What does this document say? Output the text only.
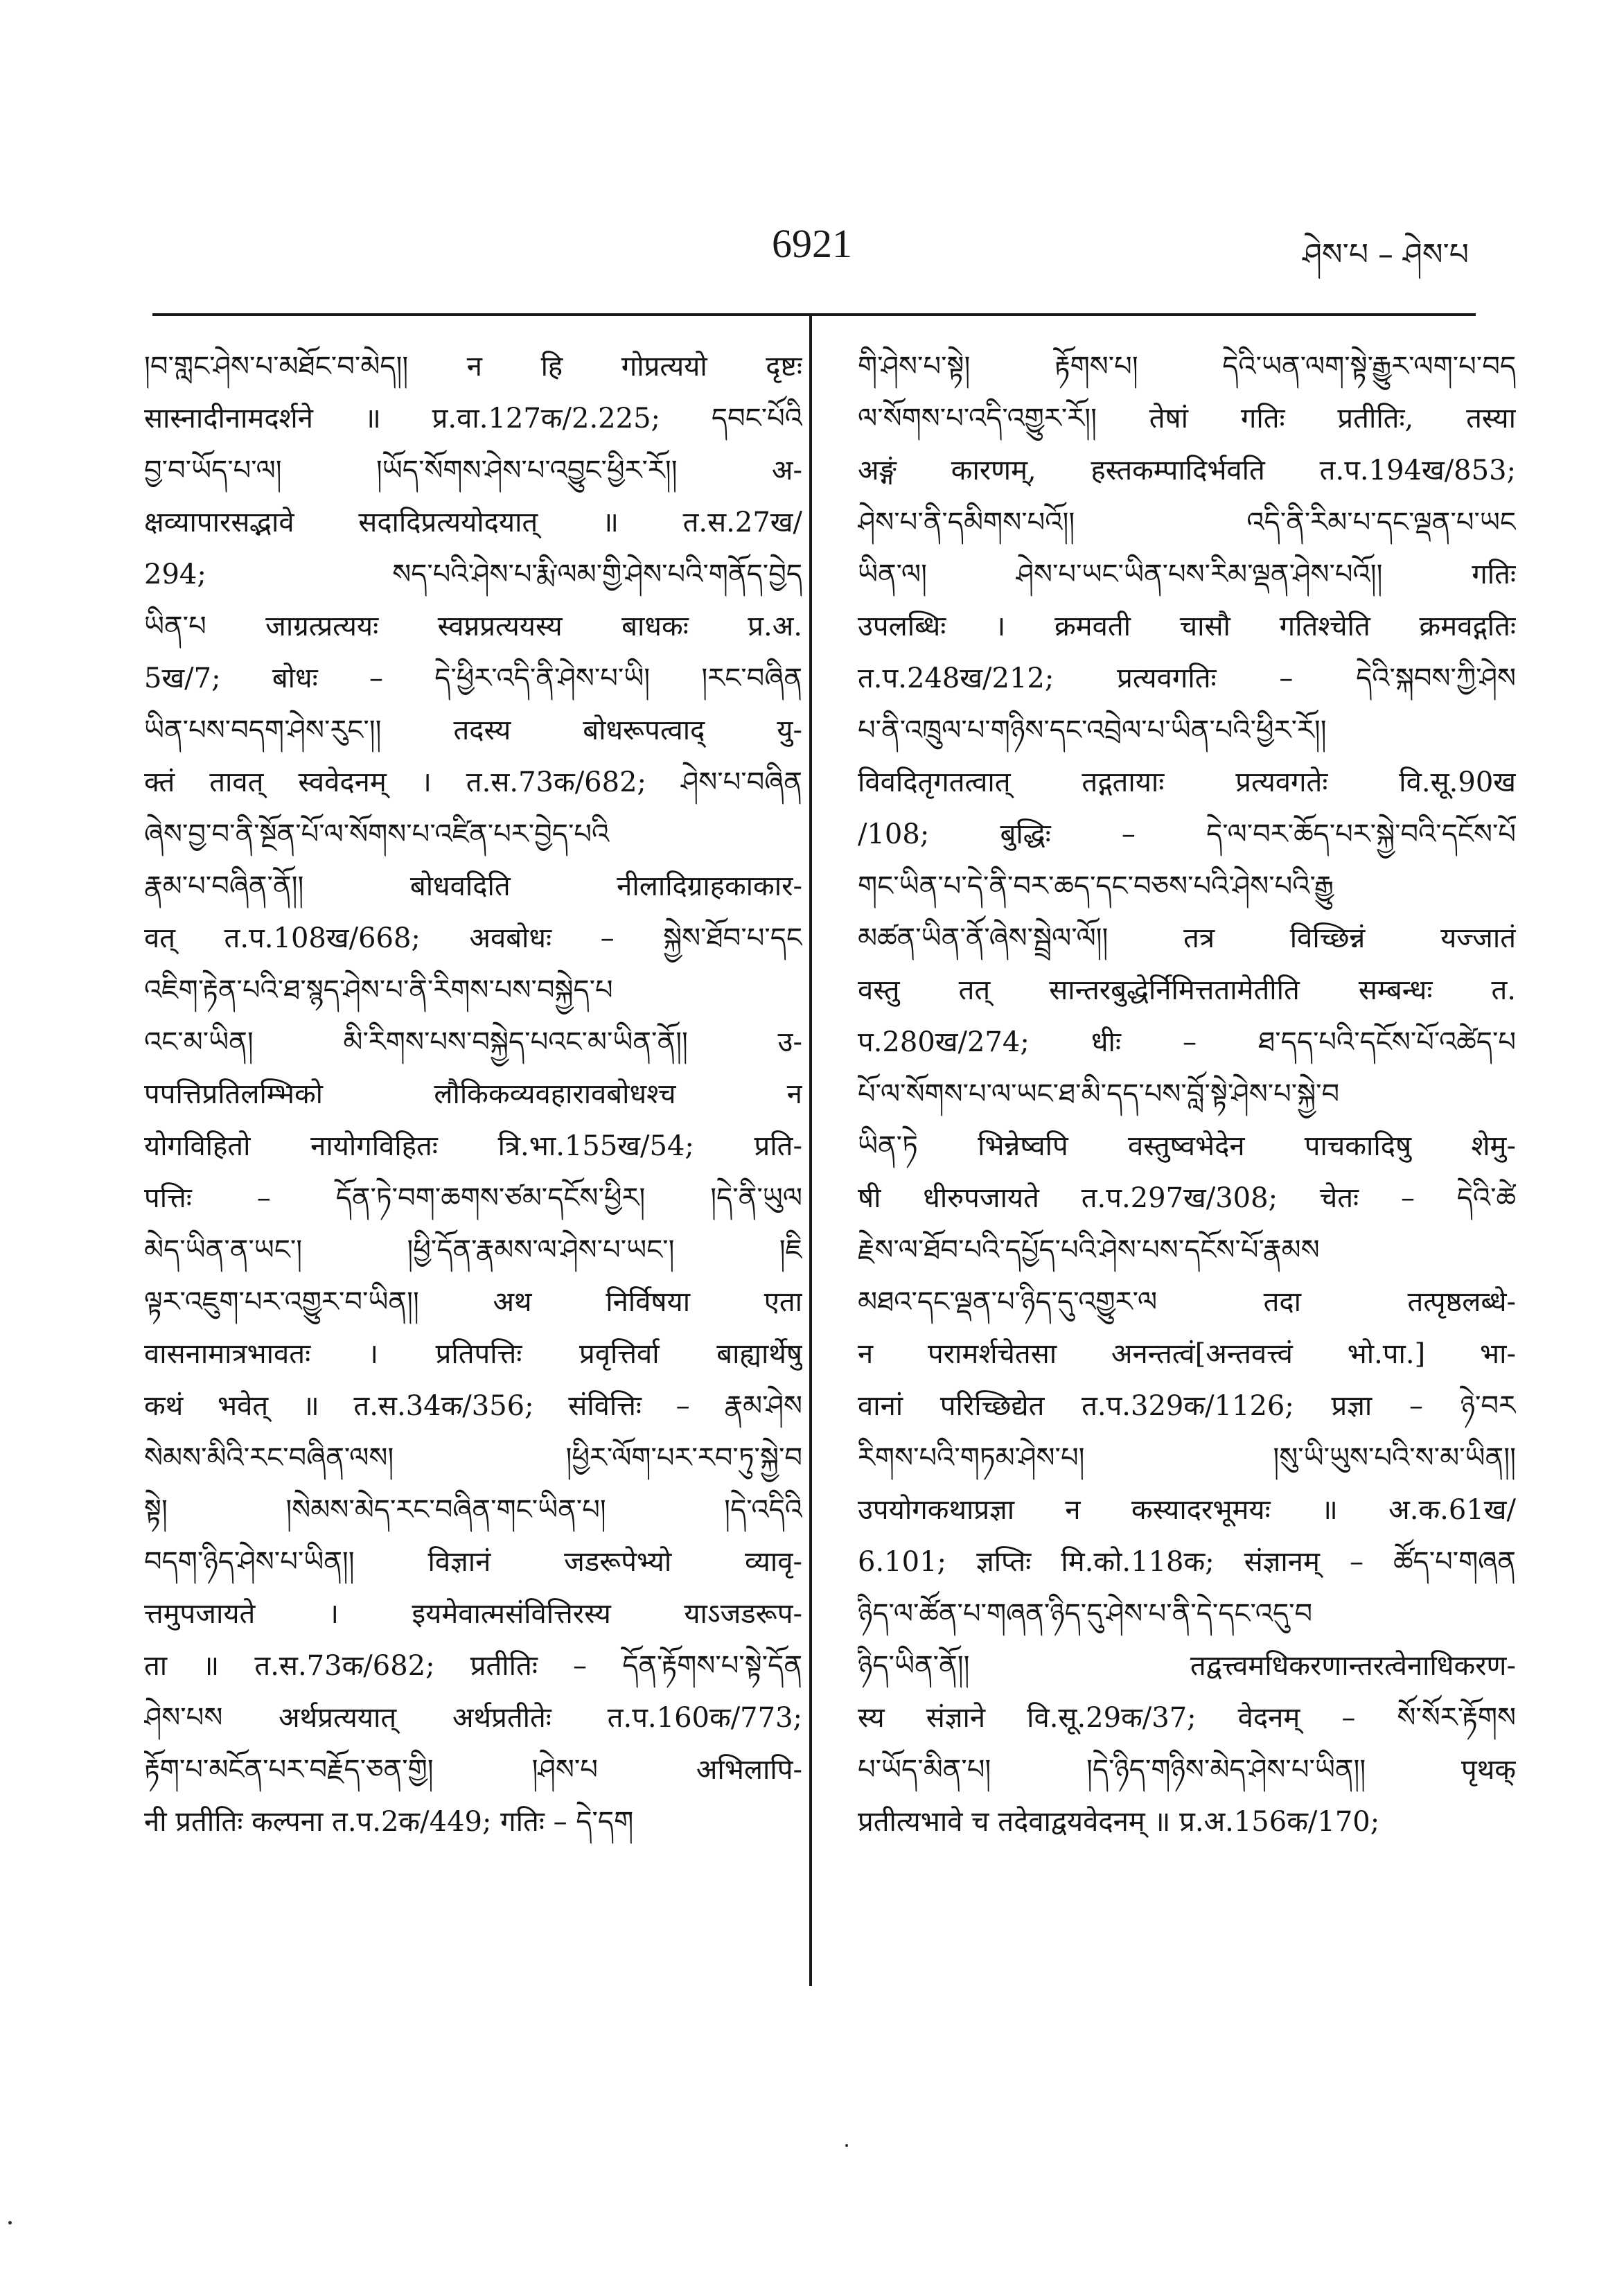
6921	ཤེས་པ – ཤེས་པ
།བ་གླང་ཤེས་པ་མཐོང་བ་མེད།། न हि गोप्रत्ययो दृष्टः
सास्नादीनामदर्शने ॥ प्र.वा.127क/2.225; དབང་པོའི
བྱ་བ་ཡོད་པ་ལ། །ཡོད་སོགས་ཤེས་པ་འབྱུང་ཕྱིར་རོ།། अ-
क्षव्यापारसद्भावे सदादिप्रत्ययोदयात् ॥ त.स.27ख/
294; སད་པའི་ཤེས་པ་རྨི་ལམ་གྱི་ཤེས་པའི་གནོད་བྱེད
ཡིན་པ जाग्रत्प्रत्ययः स्वप्नप्रत्ययस्य बाधकः प्र.अ.
5ख/7; बोधः – དེ་ཕྱིར་འདི་ནི་ཤེས་པ་ཡི། །རང་བཞིན
ཡིན་པས་བདག་ཤེས་རུང་།། तदस्य बोधरूपत्वाद् यु-
क्तं तावत् स्ववेदनम् । त.स.73क/682; ཤེས་པ་བཞིན
ཞེས་བྱ་བ་ནི་སྔོན་པོ་ལ་སོགས་པ་འཛིན་པར་བྱེད་པའི
རྣམ་པ་བཞིན་ནོ།། बोधवदिति नीलादिग्राहकाकार-
वत् त.प.108ख/668; अवबोधः – སྐྱེས་ཐོབ་པ་དང
འཇིག་རྟེན་པའི་ཐ་སྙད་ཤེས་པ་ནི་རིགས་པས་བསྐྱེད་པ
འང་མ་ཡིན། མི་རིགས་པས་བསྐྱེད་པའང་མ་ཡིན་ནོ།། उ-
पपत्तिप्रतिलम्भिको लौकिकव्यवहारावबोधश्च न
योगविहितो नायोगविहितः त्रि.भा.155ख/54; प्रति-
पत्तिः – དོན་ཏེ་བག་ཆགས་ཙམ་དངོས་ཕྱིར། །དེ་ནི་ཡུལ
མེད་ཡིན་ན་ཡང་། །ཕྱི་དོན་རྣམས་ལ་ཤེས་པ་ཡང་། །ཇི
ལྟར་འཇུག་པར་འགྱུར་བ་ཡིན།། अथ निर्विषया एता
वासनामात्रभावतः । प्रतिपत्तिः प्रवृत्तिर्वा बाह्यार्थेषु
कथं भवेत् ॥ त.स.34क/356; संवित्तिः – རྣམ་ཤེས
སེམས་མིའི་རང་བཞིན་ལས། །ཕྱིར་ལོག་པར་རབ་ཏུ་སྐྱེ་བ
སྟེ། །སེམས་མེད་རང་བཞིན་གང་ཡིན་པ། །དེ་འདིའི
བདག་ཉིད་ཤེས་པ་ཡིན།། विज्ञानं जडरूपेभ्यो व्यावृ-
त्तमुपजायते । इयमेवात्मसंवित्तिरस्य याऽजडरूप-
ता ॥ त.स.73क/682; प्रतीतिः – དོན་རྟོགས་པ་སྟེ་དོན
ཤེས་པས अर्थप्रत्ययात् अर्थप्रतीतेः त.प.160क/773;
རྟོག་པ་མངོན་པར་བརྗོད་ཅན་གྱི། །ཤེས་པ अभिलापि-
नी प्रतीतिः कल्पना त.प.2क/449; गतिः – དེ་དག
གི་ཤེས་པ་སྟེ། རྟོགས་པ། དེའི་ཡན་ལག་སྟེ་རྒྱུར་ལག་པ་བད
ལ་སོགས་པ་འདི་འགྱུར་རོ།། तेषां गतिः प्रतीतिः, तस्या
अङ्गं कारणम्, हस्तकम्पादिर्भवति त.प.194ख/853;
ཤེས་པ་ནི་དམིགས་པའོ།། འདི་ནི་རིམ་པ་དང་ལྡན་པ་ཡང
ཡིན་ལ། ཤེས་པ་ཡང་ཡིན་པས་རིམ་ལྡན་ཤེས་པའོ།། गतिः
उपलब्धिः । क्रमवती चासौ गतिश्चेति क्रमवद्गतिः
त.प.248ख/212; प्रत्यवगतिः – དེའི་སྐབས་ཀྱི་ཤེས
པ་ནི་འཁྲུལ་པ་གཉིས་དང་འབྲེལ་པ་ཡིན་པའི་ཕྱིར་རོ།།
विवदितृगतत्वात् तद्गतायाः प्रत्यवगतेः वि.सू.90ख
/108; बुद्धिः – དེ་ལ་བར་ཆོད་པར་སྐྱེ་བའི་དངོས་པོ
གང་ཡིན་པ་དེ་ནི་བར་ཆད་དང་བཅས་པའི་ཤེས་པའི་རྒྱུ
མཚན་ཡིན་ནོ་ཞེས་སྦྲེལ་ལོ།། तत्र विच्छिन्नं यज्जातं
वस्तु तत् सान्तरबुद्धेर्निमित्ततामेतीति सम्बन्धः त.
प.280ख/274; धीः – ཐ་དད་པའི་དངོས་པོ་འཚེད་པ
པོ་ལ་སོགས་པ་ལ་ཡང་ཐ་མི་དད་པས་བློ་སྟེ་ཤེས་པ་སྐྱེ་བ
ཡིན་ཏེ भिन्नेष्वपि वस्तुष्वभेदेन पाचकादिषु शेमु-
षी धीरुपजायते त.प.297ख/308; चेतः – དེའི་ཚེ
རྗེས་ལ་ཐོབ་པའི་དཔྱོད་པའི་ཤེས་པས་དངོས་པོ་རྣམས
མཐའ་དང་ལྡན་པ་ཉིད་དུ་འགྱུར་ལ तदा तत्पृष्ठलब्धे-
न परामर्शचेतसा अनन्तत्वं[अन्तवत्त्वं भो.पा.] भा-
वानां परिच्छिद्येत त.प.329क/1126; प्रज्ञा – ཉེ་བར
རིགས་པའི་གཏམ་ཤེས་པ། །སུ་ཡི་ཡུས་པའི་ས་མ་ཡིན།།
उपयोगकथाप्रज्ञा न कस्यादरभूमयः ॥ अ.क.61ख/
6.101; ज्ञप्तिः मि.को.118क; संज्ञानम् – ཚོད་པ་གཞན
ཉིད་ལ་ཚོན་པ་གཞན་ཉིད་དུ་ཤེས་པ་ནི་དེ་དང་འདུ་བ
ཉིད་ཡིན་ནོ།། तद्वत्त्वमधिकरणान्तरत्वेनाधिकरण-
स्य संज्ञाने वि.सू.29क/37; वेदनम् – སོ་སོར་རྟོགས
པ་ཡོད་མིན་པ། །དེ་ཉིད་གཉིས་མེད་ཤེས་པ་ཡིན།། पृथक्
प्रतीत्यभावे च तदेवाद्वयवेदनम् ॥ प्र.अ.156क/170;
